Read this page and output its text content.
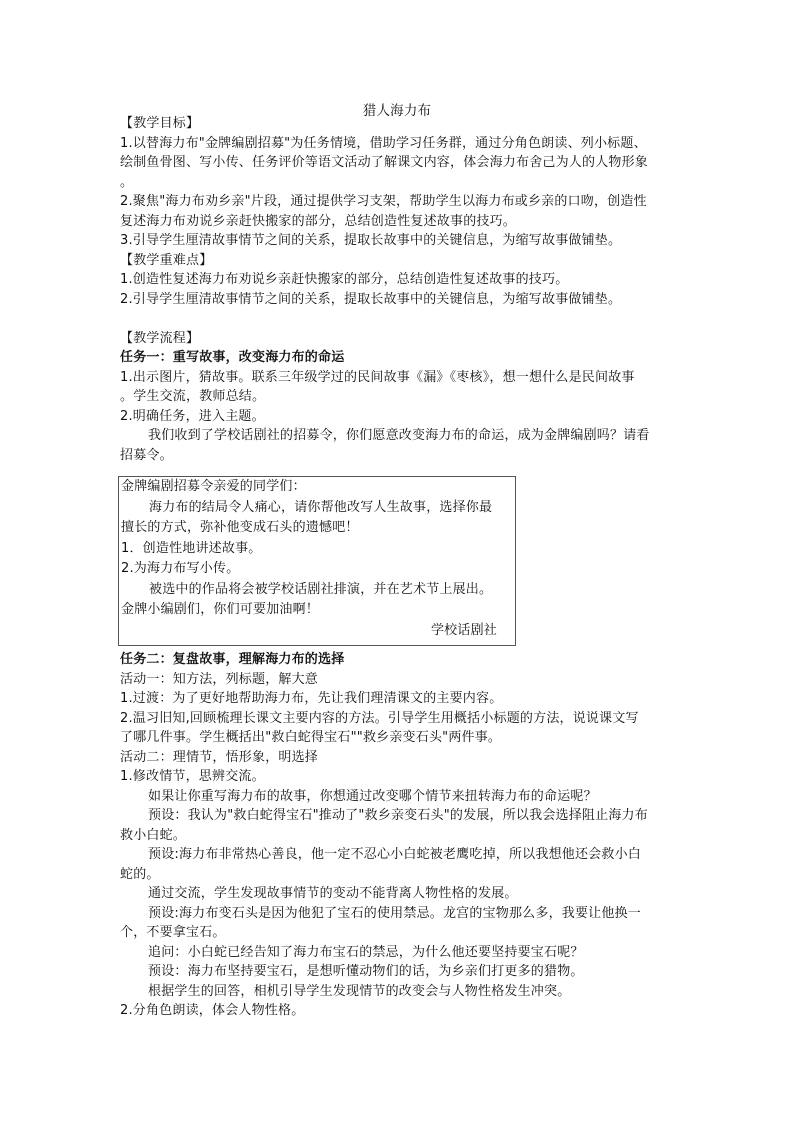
猎人海力布
【教学目标】
1.以替海力布"金牌编剧招募"为任务情境，借助学习任务群，通过分角色朗读、列小标题、
绘制鱼骨图、写小传、任务评价等语文活动了解课文内容，体会海力布舍己为人的人物形象
。
2.聚焦"海力布劝乡亲"片段，通过提供学习支架，帮助学生以海力布或乡亲的口吻，创造性
复述海力布劝说乡亲赶快搬家的部分，总结创造性复述故事的技巧。
3.引导学生厘清故事情节之间的关系，提取长故事中的关键信息，为缩写故事做铺垫。
【教学重难点】
1.创造性复述海力布劝说乡亲赶快搬家的部分，总结创造性复述故事的技巧。
2.引导学生厘清故事情节之间的关系，提取长故事中的关键信息，为缩写故事做铺垫。
【教学流程】
任务一：重写故事，改变海力布的命运
1.出示图片，猜故事。联系三年级学过的民间故事《漏》《枣核》，想一想什么是民间故事
。学生交流，教师总结。
2.明确任务，进入主题。
我们收到了学校话剧社的招募令，你们愿意改变海力布的命运，成为金牌编剧吗？请看
招募令。
金牌编剧招募令亲爱的同学们：
海力布的结局令人痛心，请你帮他改写人生故事，选择你最
擅长的方式，弥补他变成石头的遗憾吧！
1．创造性地讲述故事。
2.为海力布写小传。
被选中的作品将会被学校话剧社排演，并在艺术节上展出。
金牌小编剧们，你们可要加油啊！
学校话剧社
任务二：复盘故事，理解海力布的选择
活动一：知方法，列标题，解大意
1.过渡：为了更好地帮助海力布，先让我们理清课文的主要内容。
2.温习旧知,回顾梳理长课文主要内容的方法。引导学生用概括小标题的方法，说说课文写
了哪几件事。学生概括出"救白蛇得宝石""救乡亲变石头"两件事。
活动二：理情节，悟形象，明选择
1.修改情节，思辨交流。
如果让你重写海力布的故事，你想通过改变哪个情节来扭转海力布的命运呢？
预设：我认为"救白蛇得宝石"推动了"救乡亲变石头"的发展，所以我会选择阻止海力布
救小白蛇。
预设:海力布非常热心善良，他一定不忍心小白蛇被老鹰吃掉，所以我想他还会救小白
蛇的。
通过交流，学生发现故事情节的变动不能背离人物性格的发展。
预设:海力布变石头是因为他犯了宝石的使用禁忌。龙宫的宝物那么多，我要让他换一
个，不要拿宝石。
追问：小白蛇已经告知了海力布宝石的禁忌，为什么他还要坚持要宝石呢？
预设：海力布坚持要宝石，是想听懂动物们的话，为乡亲们打更多的猎物。
根据学生的回答，相机引导学生发现情节的改变会与人物性格发生冲突。
2.分角色朗读，体会人物性格。
